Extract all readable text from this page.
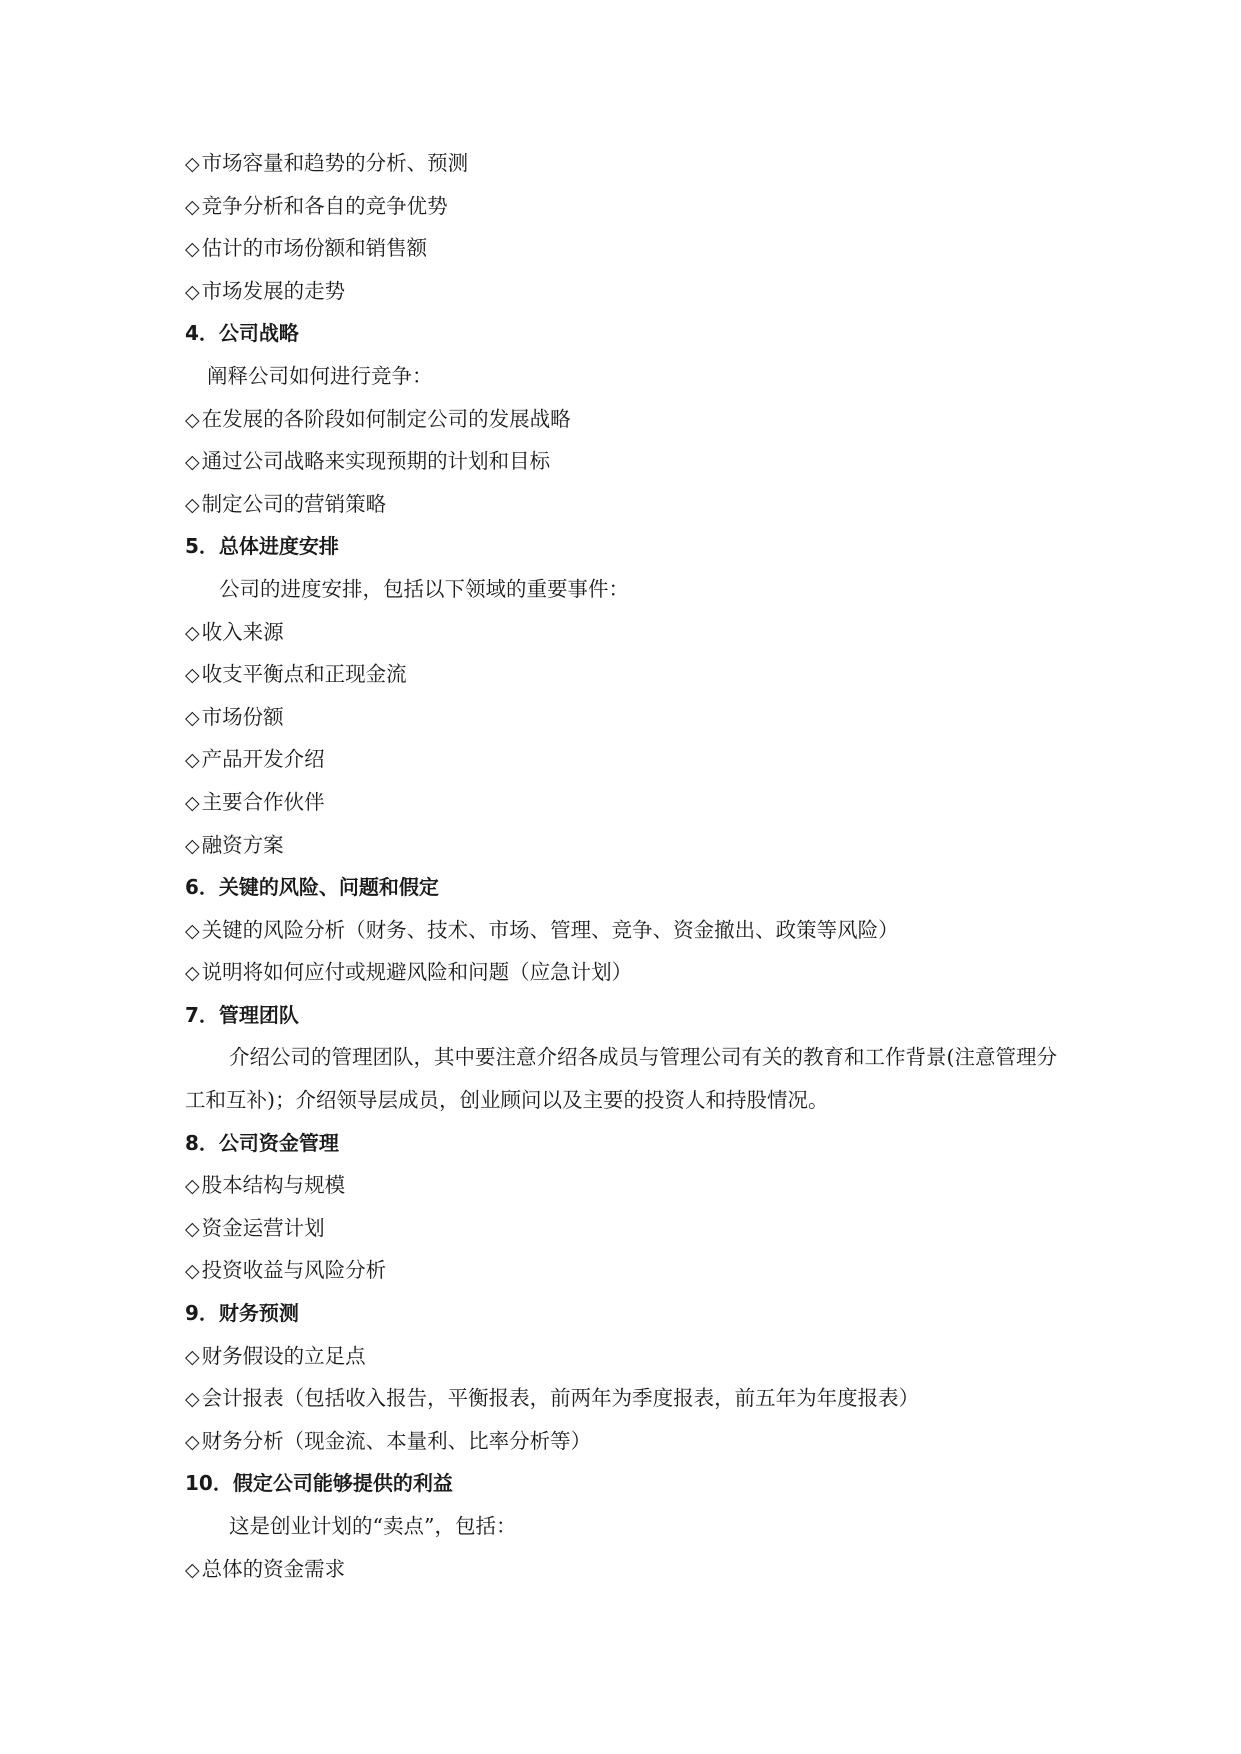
◇市场容量和趋势的分析、预测
◇竞争分析和各自的竞争优势
◇估计的市场份额和销售额
◇市场发展的走势
4．公司战略
阐释公司如何进行竞争：
◇在发展的各阶段如何制定公司的发展战略
◇通过公司战略来实现预期的计划和目标
◇制定公司的营销策略
5．总体进度安排
公司的进度安排，包括以下领域的重要事件：
◇收入来源
◇收支平衡点和正现金流
◇市场份额
◇产品开发介绍
◇主要合作伙伴
◇融资方案
6．关键的风险、问题和假定
◇关键的风险分析（财务、技术、市场、管理、竞争、资金撤出、政策等风险）
◇说明将如何应付或规避风险和问题（应急计划）
7．管理团队
介绍公司的管理团队，其中要注意介绍各成员与管理公司有关的教育和工作背景(注意管理分工和互补)；介绍领导层成员，创业顾问以及主要的投资人和持股情况。
8．公司资金管理
◇股本结构与规模
◇资金运营计划
◇投资收益与风险分析
9．财务预测
◇财务假设的立足点
◇会计报表（包括收入报告，平衡报表，前两年为季度报表，前五年为年度报表）
◇财务分析（现金流、本量利、比率分析等）
10．假定公司能够提供的利益
这是创业计划的“卖点”，包括：
◇总体的资金需求
